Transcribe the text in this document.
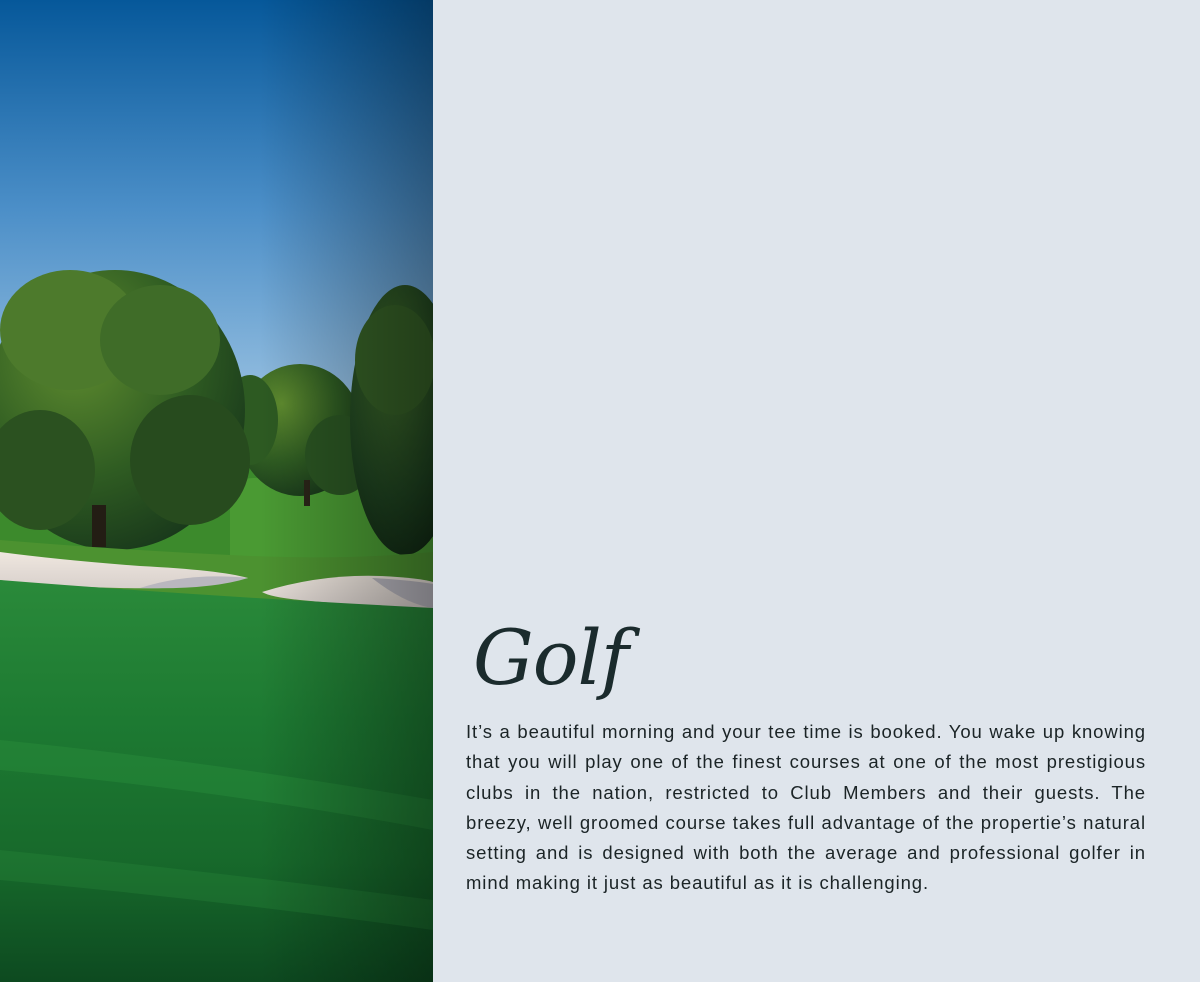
Golf

It’s a beautiful morning and your tee time is booked. You wake up knowing that you will play one of the finest courses at one of the most prestigious clubs in the nation, restricted to Club Members and their guests. The breezy, well groomed course takes full advantage of the propertie’s natural setting and is designed with both the average and professional golfer in mind making it just as beautiful as it is challenging.
